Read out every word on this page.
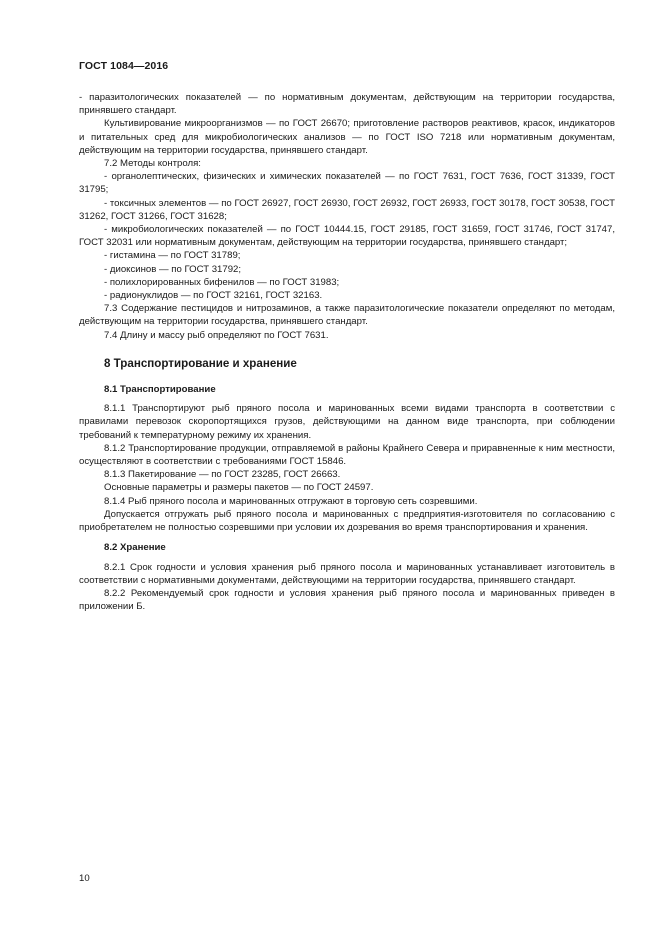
ГОСТ 1084—2016

- паразитологических показателей — по нормативным документам, действующим на территории государства, принявшего стандарт.

Культивирование микроорганизмов — по ГОСТ 26670; приготовление растворов реактивов, красок, индикаторов и питательных сред для микробиологических анализов — по ГОСТ ISO 7218 или нормативным документам, действующим на территории государства, принявшего стандарт.

7.2 Методы контроля:

- органолептических, физических и химических показателей — по ГОСТ 7631, ГОСТ 7636, ГОСТ 31339, ГОСТ 31795;

- токсичных элементов — по ГОСТ 26927, ГОСТ 26930, ГОСТ 26932, ГОСТ 26933, ГОСТ 30178, ГОСТ 30538, ГОСТ 31262, ГОСТ 31266, ГОСТ 31628;

- микробиологических показателей — по ГОСТ 10444.15, ГОСТ 29185, ГОСТ 31659, ГОСТ 31746, ГОСТ 31747, ГОСТ 32031 или нормативным документам, действующим на территории государства, принявшего стандарт;

- гистамина — по ГОСТ 31789;

- диоксинов — по ГОСТ 31792;

- полихлорированных бифенилов — по ГОСТ 31983;

- радионуклидов — по ГОСТ 32161, ГОСТ 32163.

7.3 Содержание пестицидов и нитрозаминов, а также паразитологические показатели определяют по методам, действующим на территории государства, принявшего стандарт.

7.4 Длину и массу рыб определяют по ГОСТ 7631.

8 Транспортирование и хранение
8.1 Транспортирование

8.1.1 Транспортируют рыб пряного посола и маринованных всеми видами транспорта в соответствии с правилами перевозок скоропортящихся грузов, действующими на данном виде транспорта, при соблюдении требований к температурному режиму их хранения.

8.1.2 Транспортирование продукции, отправляемой в районы Крайнего Севера и приравненные к ним местности, осуществляют в соответствии с требованиями ГОСТ 15846.

8.1.3 Пакетирование — по ГОСТ 23285, ГОСТ 26663.

Основные параметры и размеры пакетов — по ГОСТ 24597.

8.1.4 Рыб пряного посола и маринованных отгружают в торговую сеть созревшими.

Допускается отгружать рыб пряного посола и маринованных с предприятия-изготовителя по согласованию с приобретателем не полностью созревшими при условии их дозревания во время транспортирования и хранения.

8.2 Хранение

8.2.1 Срок годности и условия хранения рыб пряного посола и маринованных устанавливает изготовитель в соответствии с нормативными документами, действующими на территории государства, принявшего стандарт.

8.2.2 Рекомендуемый срок годности и условия хранения рыб пряного посола и маринованных приведен в приложении Б.

10
